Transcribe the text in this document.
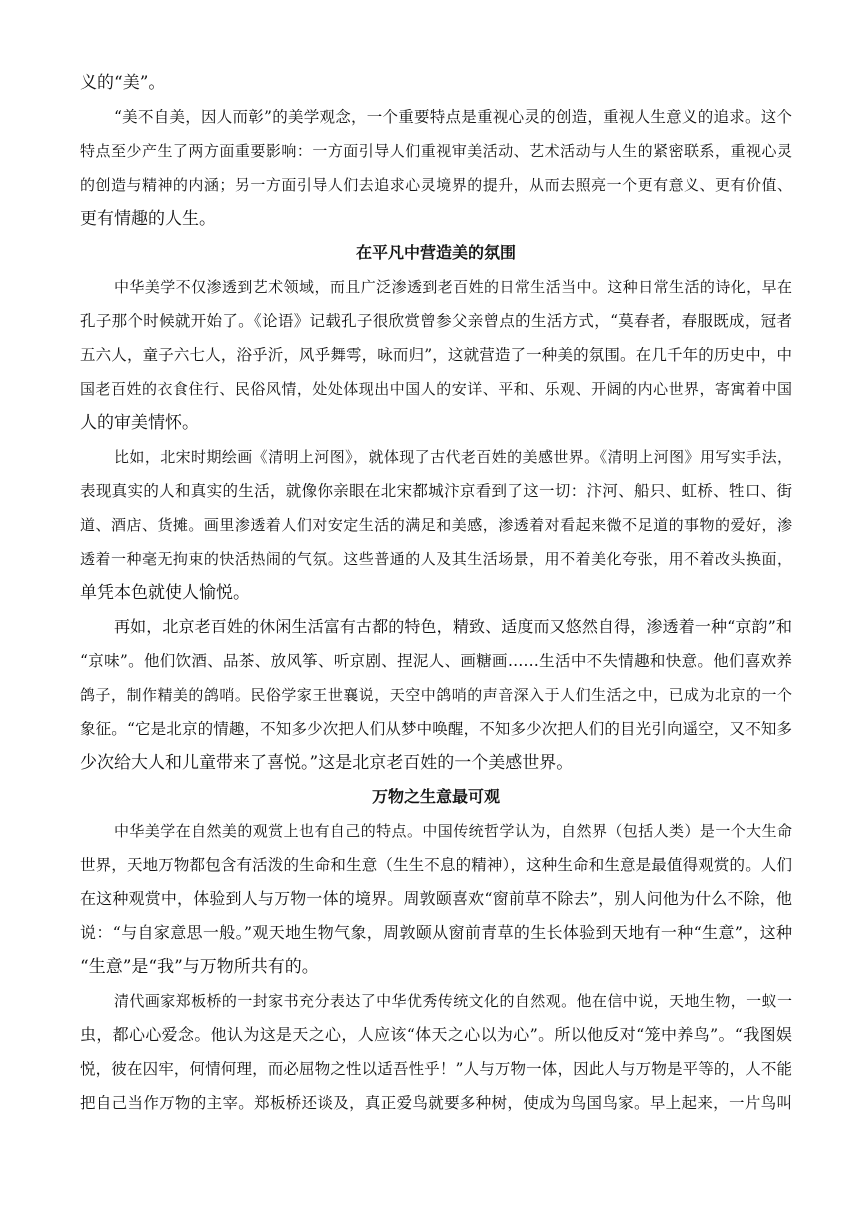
义的“美”。
“美不自美，因人而彰”的美学观念，一个重要特点是重视心灵的创造，重视人生意义的追求。这个
特点至少产生了两方面重要影响：一方面引导人们重视审美活动、艺术活动与人生的紧密联系，重视心灵
的创造与精神的内涵；另一方面引导人们去追求心灵境界的提升，从而去照亮一个更有意义、更有价值、
更有情趣的人生。
在平凡中营造美的氛围
中华美学不仅渗透到艺术领域，而且广泛渗透到老百姓的日常生活当中。这种日常生活的诗化，早在
孔子那个时候就开始了。《论语》记载孔子很欣赏曾参父亲曾点的生活方式，“莫春者，春服既成，冠者
五六人，童子六七人，浴乎沂，风乎舞雩，咏而归”，这就营造了一种美的氛围。在几千年的历史中，中
国老百姓的衣食住行、民俗风情，处处体现出中国人的安详、平和、乐观、开阔的内心世界，寄寓着中国
人的审美情怀。
比如，北宋时期绘画《清明上河图》，就体现了古代老百姓的美感世界。《清明上河图》用写实手法，
表现真实的人和真实的生活，就像你亲眼在北宋都城汴京看到了这一切：汴河、船只、虹桥、牲口、街
道、酒店、货摊。画里渗透着人们对安定生活的满足和美感，渗透着对看起来微不足道的事物的爱好，渗
透着一种毫无拘束的快活热闹的气氛。这些普通的人及其生活场景，用不着美化夸张，用不着改头换面，
单凭本色就使人愉悦。
再如，北京老百姓的休闲生活富有古都的特色，精致、适度而又悠然自得，渗透着一种“京韵”和
“京味”。他们饮酒、品茶、放风筝、听京剧、捏泥人、画糖画……生活中不失情趣和快意。他们喜欢养
鸽子，制作精美的鸽哨。民俗学家王世襄说，天空中鸽哨的声音深入于人们生活之中，已成为北京的一个
象征。“它是北京的情趣，不知多少次把人们从梦中唤醒，不知多少次把人们的目光引向遥空，又不知多
少次给大人和儿童带来了喜悦。”这是北京老百姓的一个美感世界。
万物之生意最可观
中华美学在自然美的观赏上也有自己的特点。中国传统哲学认为，自然界（包括人类）是一个大生命
世界，天地万物都包含有活泼的生命和生意（生生不息的精神），这种生命和生意是最值得观赏的。人们
在这种观赏中，体验到人与万物一体的境界。周敦颐喜欢“窗前草不除去”，别人问他为什么不除，他
说：“与自家意思一般。”观天地生物气象，周敦颐从窗前青草的生长体验到天地有一种“生意”，这种
“生意”是“我”与万物所共有的。
清代画家郑板桥的一封家书充分表达了中华优秀传统文化的自然观。他在信中说，天地生物，一蚁一
虫，都心心爱念。他认为这是天之心，人应该“体天之心以为心”。所以他反对“笼中养鸟”。“我图娱
悦，彼在囚牢，何情何理，而必屈物之性以适吾性乎！”人与万物一体，因此人与万物是平等的，人不能
把自己当作万物的主宰。郑板桥还谈及，真正爱鸟就要多种树，使成为鸟国鸟家。早上起来，一片鸟叫
